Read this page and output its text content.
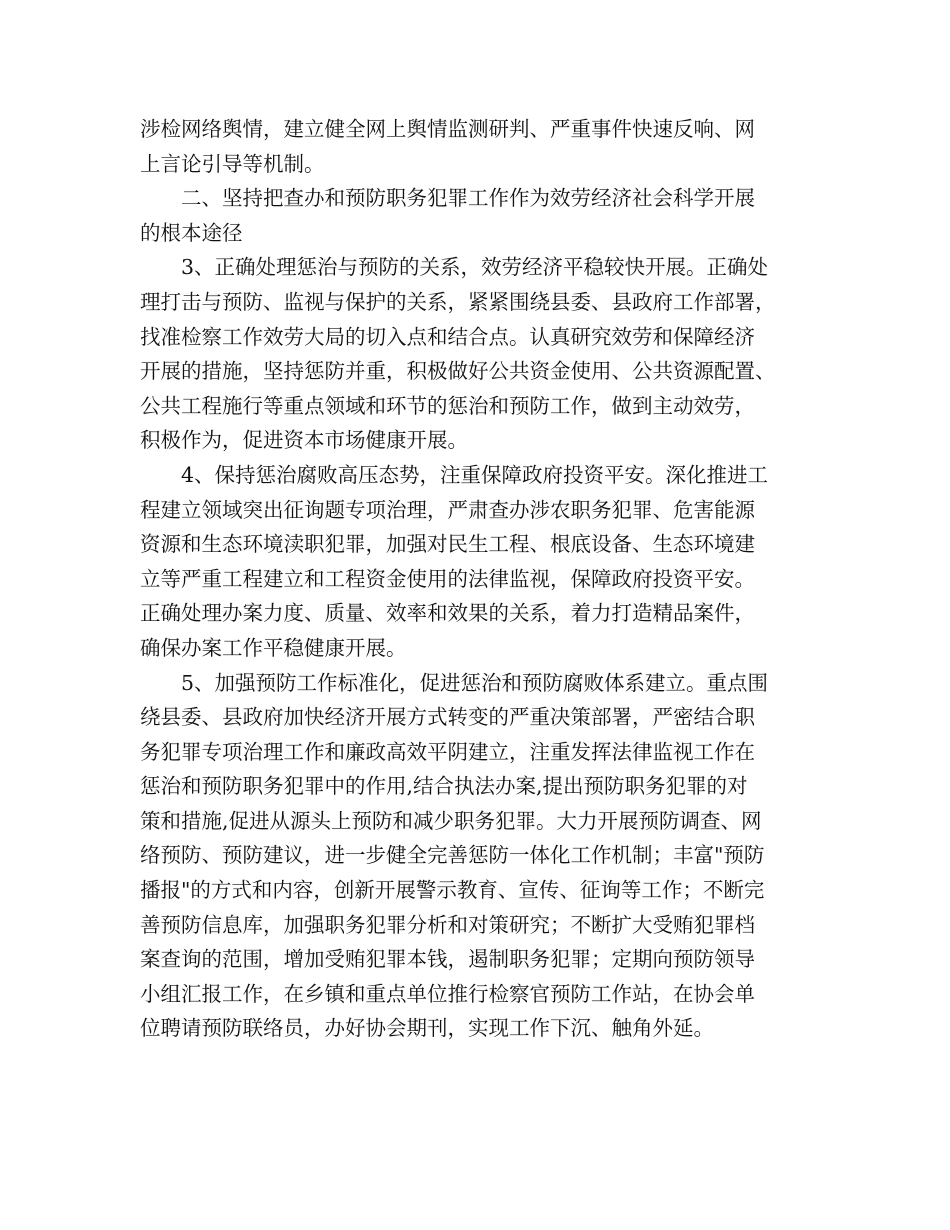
涉检网络舆情，建立健全网上舆情监测研判、严重事件快速反响、网
上言论引导等机制。
　　二、坚持把查办和预防职务犯罪工作作为效劳经济社会科学开展
的根本途径
　　3、正确处理惩治与预防的关系，效劳经济平稳较快开展。正确处
理打击与预防、监视与保护的关系，紧紧围绕县委、县政府工作部署，
找准检察工作效劳大局的切入点和结合点。认真研究效劳和保障经济
开展的措施，坚持惩防并重，积极做好公共资金使用、公共资源配置、
公共工程施行等重点领域和环节的惩治和预防工作，做到主动效劳，
积极作为，促进资本市场健康开展。
　　4、保持惩治腐败高压态势，注重保障政府投资平安。深化推进工
程建立领域突出征询题专项治理，严肃查办涉农职务犯罪、危害能源
资源和生态环境渎职犯罪，加强对民生工程、根底设备、生态环境建
立等严重工程建立和工程资金使用的法律监视，保障政府投资平安。
正确处理办案力度、质量、效率和效果的关系，着力打造精品案件，
确保办案工作平稳健康开展。
　　5、加强预防工作标准化，促进惩治和预防腐败体系建立。重点围
绕县委、县政府加快经济开展方式转变的严重决策部署，严密结合职
务犯罪专项治理工作和廉政高效平阴建立，注重发挥法律监视工作在
惩治和预防职务犯罪中的作用,结合执法办案,提出预防职务犯罪的对
策和措施,促进从源头上预防和减少职务犯罪。大力开展预防调查、网
络预防、预防建议，进一步健全完善惩防一体化工作机制；丰富"预防
播报"的方式和内容，创新开展警示教育、宣传、征询等工作；不断完
善预防信息库，加强职务犯罪分析和对策研究；不断扩大受贿犯罪档
案查询的范围，增加受贿犯罪本钱，遏制职务犯罪；定期向预防领导
小组汇报工作，在乡镇和重点单位推行检察官预防工作站，在协会单
位聘请预防联络员，办好协会期刊，实现工作下沉、触角外延。
